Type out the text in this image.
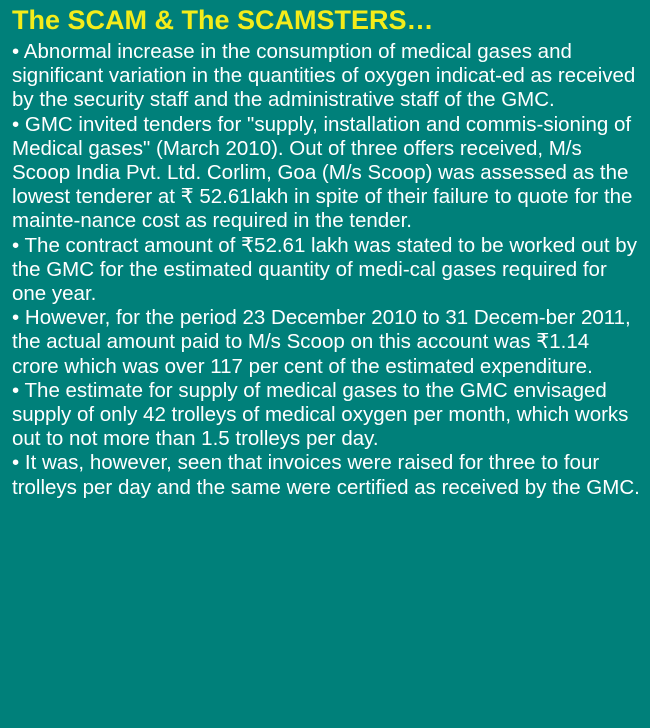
The SCAM & The SCAMSTERS…
• Abnormal increase in the consumption of medical gases and significant variation in the quantities of oxygen indicat-ed as received by the security staff and the administrative staff of the GMC.
• GMC invited tenders for "supply, installation and commis-sioning of Medical gases" (March 2010). Out of three offers received, M/s Scoop India Pvt. Ltd. Corlim, Goa (M/s Scoop) was assessed as the lowest tenderer at ₹ 52.61lakh in spite of their failure to quote for the mainte-nance cost as required in the tender.
• The contract amount of ₹52.61 lakh was stated to be worked out by the GMC for the estimated quantity of medi-cal gases required for one year.
• However, for the period 23 December 2010 to 31 Decem-ber 2011, the actual amount paid to M/s Scoop on this account was ₹1.14 crore which was over 117 per cent of the estimated expenditure.
• The estimate for supply of medical gases to the GMC envisaged supply of only 42 trolleys of medical oxygen per month, which works out to not more than 1.5 trolleys per day.
• It was, however, seen that invoices were raised for three to four trolleys per day and the same were certified as received by the GMC.
